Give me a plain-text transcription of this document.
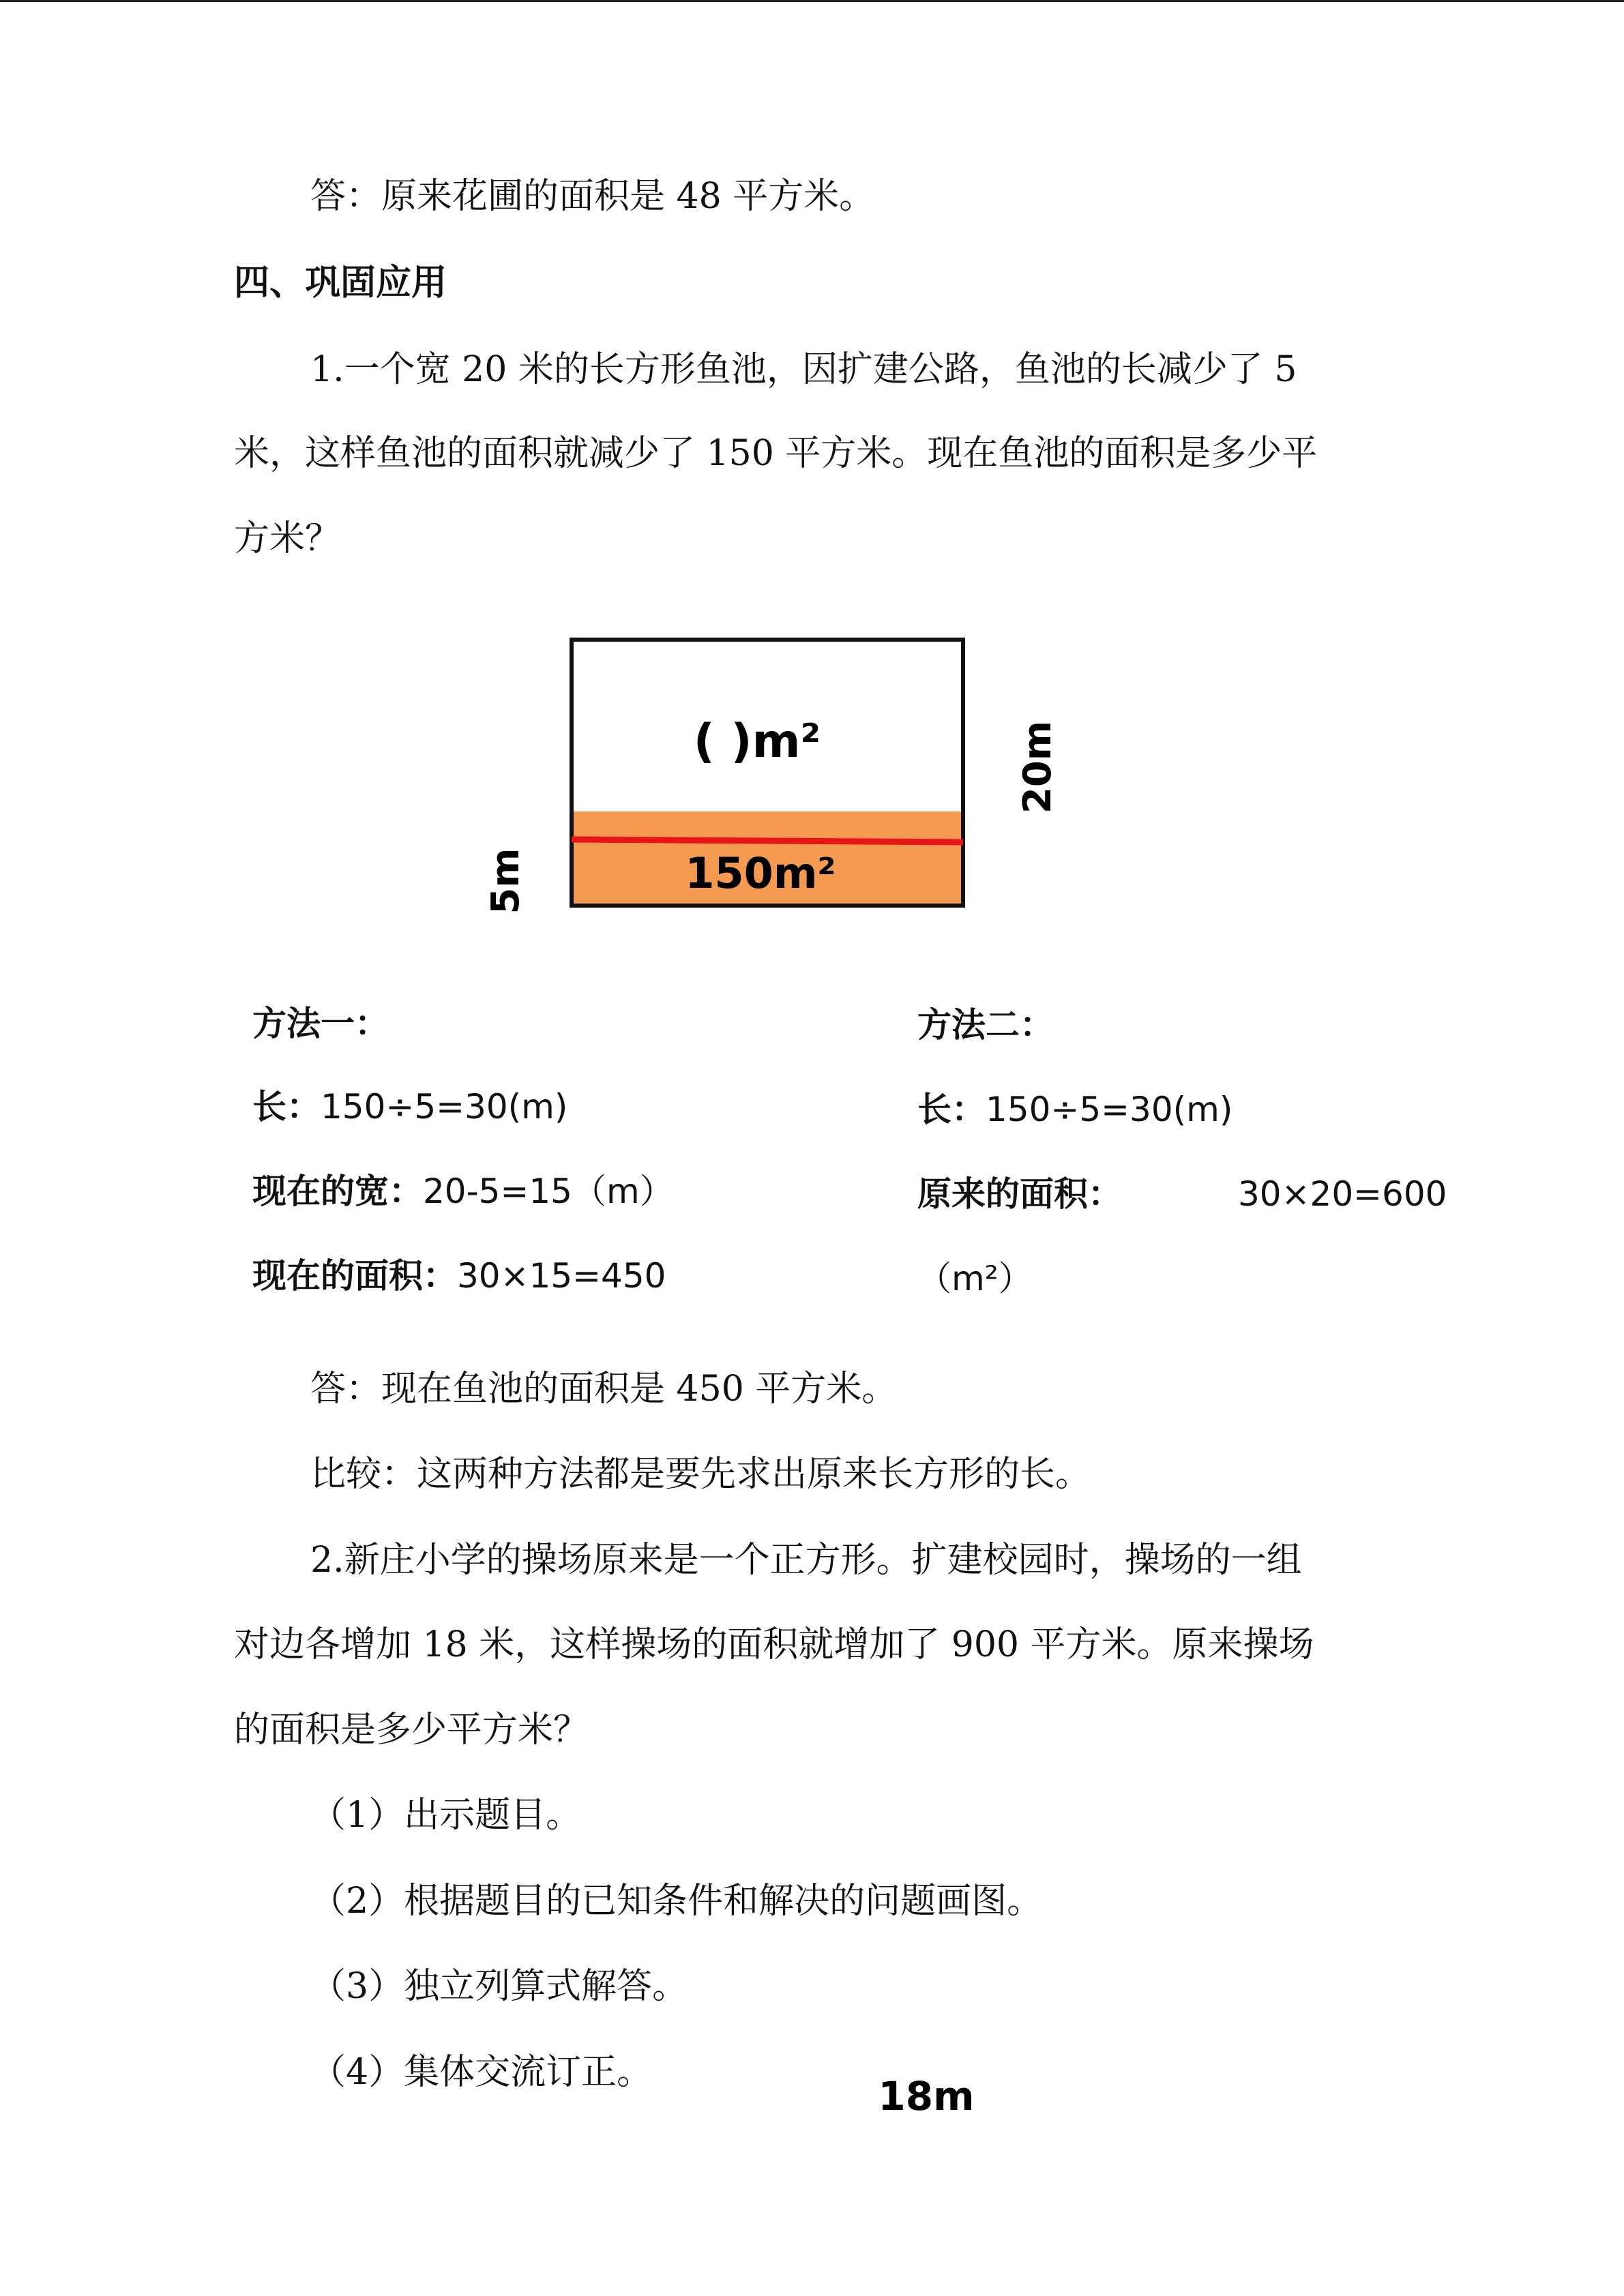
答：原来花圃的面积是 48 平方米。
四、巩固应用
1.一个宽 20 米的长方形鱼池，因扩建公路，鱼池的长减少了 5
米，这样鱼池的面积就减少了 150 平方米。现在鱼池的面积是多少平
方米？
( )m²
150m²
20m
5m
18m
方法一：
长：150÷5=30(m)
现在的宽：20-5=15（m）
现在的面积：30×15=450
方法二：
长：150÷5=30(m)
原来的面积：	30×20=600
（m²）
答：现在鱼池的面积是 450 平方米。
比较：这两种方法都是要先求出原来长方形的长。
2.新庄小学的操场原来是一个正方形。扩建校园时，操场的一组
对边各增加 18 米，这样操场的面积就增加了 900 平方米。原来操场
的面积是多少平方米？
（1）出示题目。
（2）根据题目的已知条件和解决的问题画图。
（3）独立列算式解答。
（4）集体交流订正。
